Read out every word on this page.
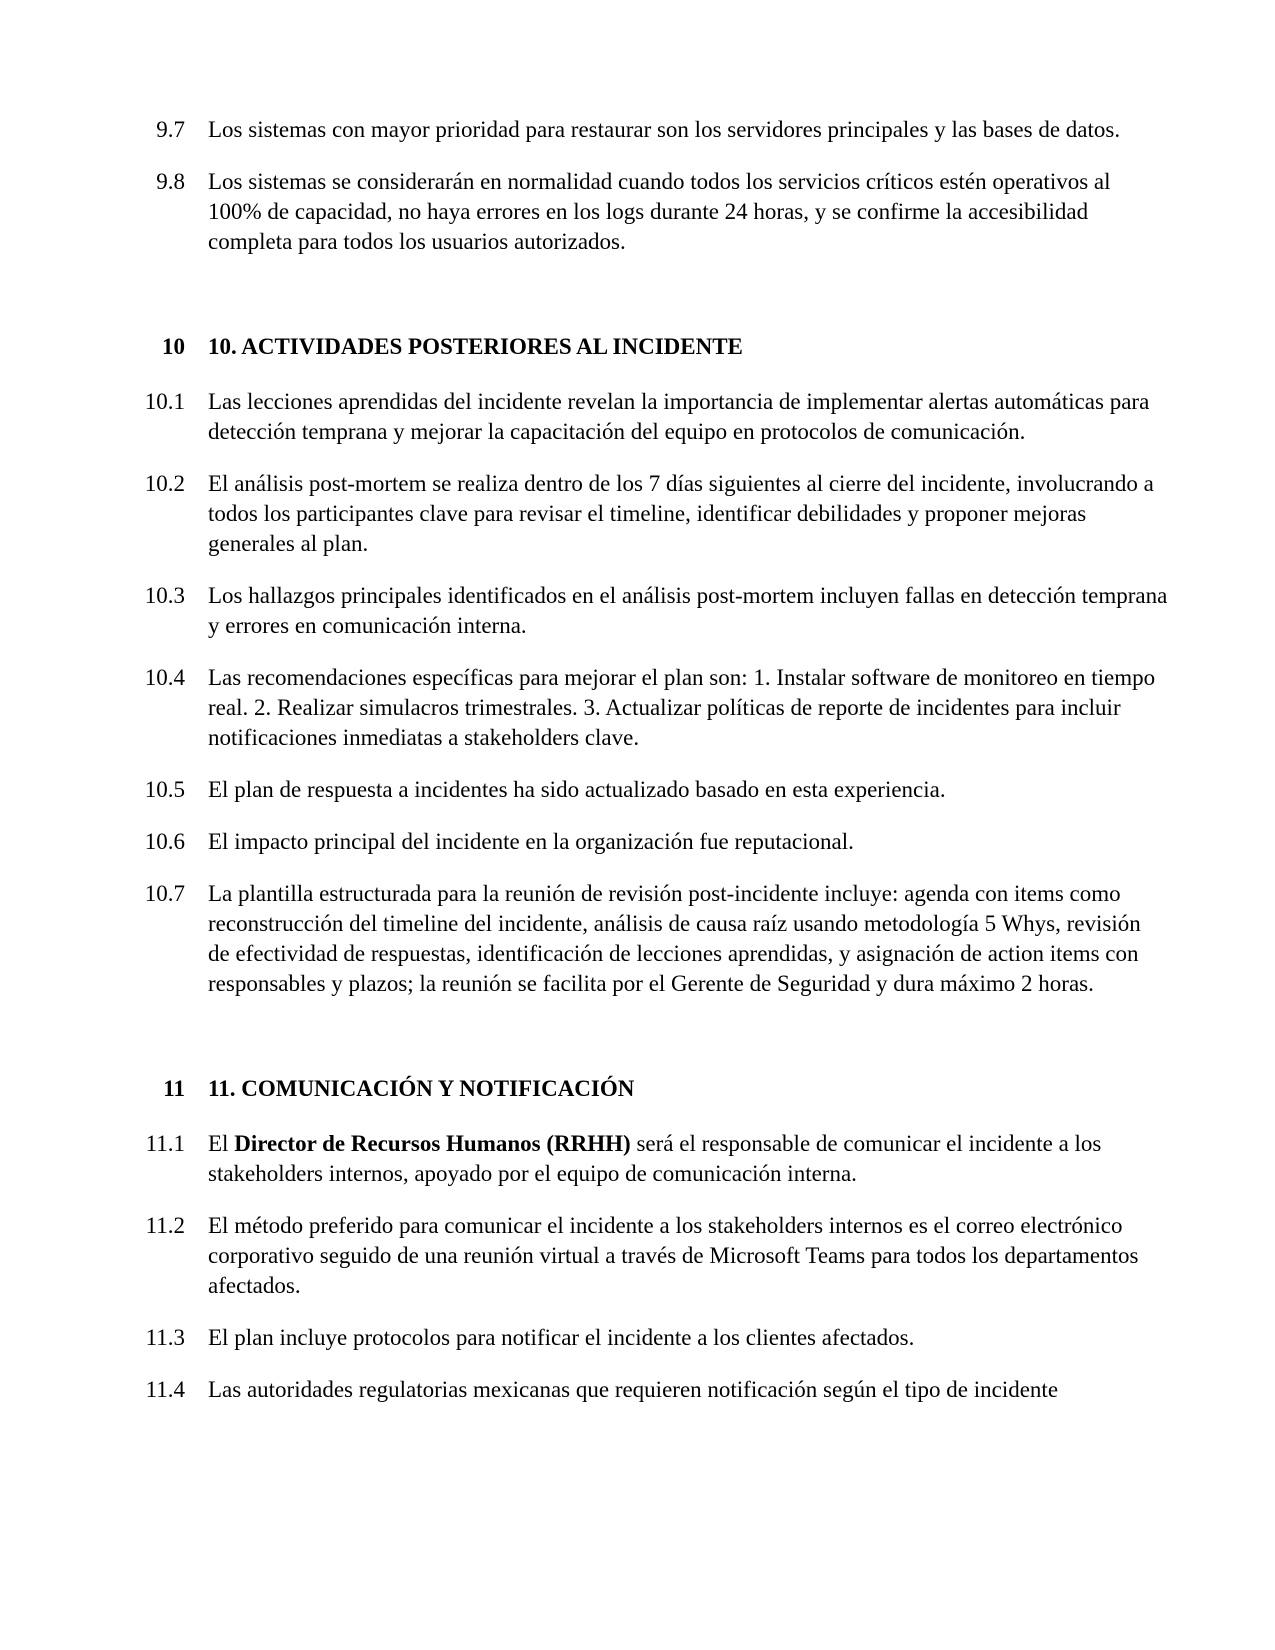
9.7 Los sistemas con mayor prioridad para restaurar son los servidores principales y las bases de datos.
9.8 Los sistemas se considerarán en normalidad cuando todos los servicios críticos estén operativos al 100% de capacidad, no haya errores en los logs durante 24 horas, y se confirme la accesibilidad completa para todos los usuarios autorizados.
10 10. ACTIVIDADES POSTERIORES AL INCIDENTE
10.1 Las lecciones aprendidas del incidente revelan la importancia de implementar alertas automáticas para detección temprana y mejorar la capacitación del equipo en protocolos de comunicación.
10.2 El análisis post-mortem se realiza dentro de los 7 días siguientes al cierre del incidente, involucrando a todos los participantes clave para revisar el timeline, identificar debilidades y proponer mejoras generales al plan.
10.3 Los hallazgos principales identificados en el análisis post-mortem incluyen fallas en detección temprana y errores en comunicación interna.
10.4 Las recomendaciones específicas para mejorar el plan son: 1. Instalar software de monitoreo en tiempo real. 2. Realizar simulacros trimestrales. 3. Actualizar políticas de reporte de incidentes para incluir notificaciones inmediatas a stakeholders clave.
10.5 El plan de respuesta a incidentes ha sido actualizado basado en esta experiencia.
10.6 El impacto principal del incidente en la organización fue reputacional.
10.7 La plantilla estructurada para la reunión de revisión post-incidente incluye: agenda con items como reconstrucción del timeline del incidente, análisis de causa raíz usando metodología 5 Whys, revisión de efectividad de respuestas, identificación de lecciones aprendidas, y asignación de action items con responsables y plazos; la reunión se facilita por el Gerente de Seguridad y dura máximo 2 horas.
11 11. COMUNICACIÓN Y NOTIFICACIÓN
11.1 El Director de Recursos Humanos (RRHH) será el responsable de comunicar el incidente a los stakeholders internos, apoyado por el equipo de comunicación interna.
11.2 El método preferido para comunicar el incidente a los stakeholders internos es el correo electrónico corporativo seguido de una reunión virtual a través de Microsoft Teams para todos los departamentos afectados.
11.3 El plan incluye protocolos para notificar el incidente a los clientes afectados.
11.4 Las autoridades regulatorias mexicanas que requieren notificación según el tipo de incidente
